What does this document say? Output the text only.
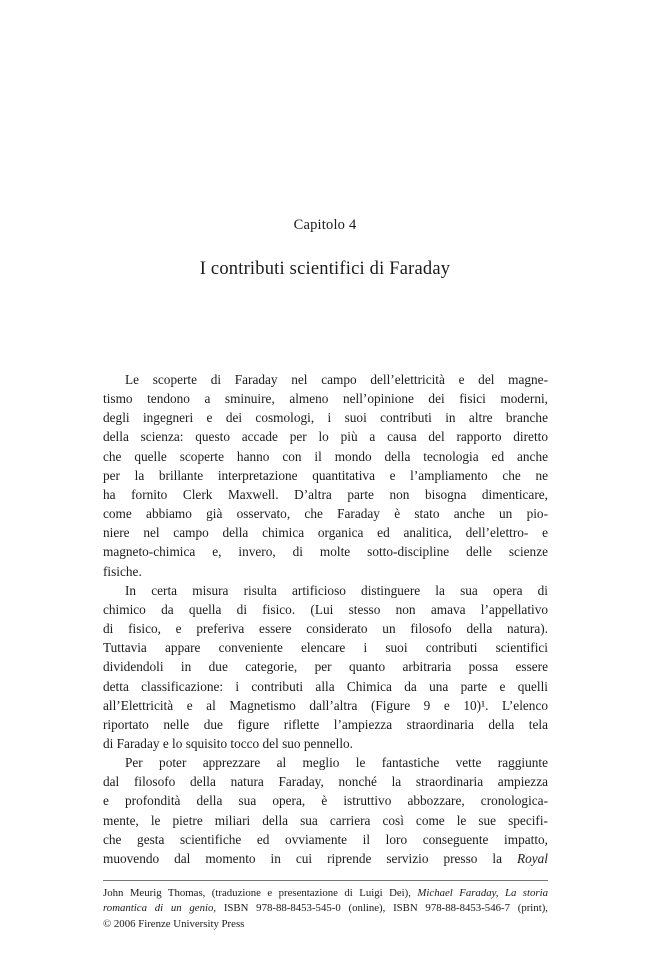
Capitolo 4
I contributi scientifici di Faraday
Le scoperte di Faraday nel campo dell’elettricità e del magne-
tismo tendono a sminuire, almeno nell’opinione dei fisici moderni,
degli ingegneri e dei cosmologi, i suoi contributi in altre branche
della scienza: questo accade per lo più a causa del rapporto diretto
che quelle scoperte hanno con il mondo della tecnologia ed anche
per la brillante interpretazione quantitativa e l’ampliamento che ne
ha fornito Clerk Maxwell. D’altra parte non bisogna dimenticare,
come abbiamo già osservato, che Faraday è stato anche un pio-
niere nel campo della chimica organica ed analitica, dell’elettro- e
magneto-chimica e, invero, di molte sotto-discipline delle scienze
fisiche.
In certa misura risulta artificioso distinguere la sua opera di
chimico da quella di fisico. (Lui stesso non amava l’appellativo
di fisico, e preferiva essere considerato un filosofo della natura).
Tuttavia appare conveniente elencare i suoi contributi scientifici
dividendoli in due categorie, per quanto arbitraria possa essere
detta classificazione: i contributi alla Chimica da una parte e quelli
all’Elettricità e al Magnetismo dall’altra (Figure 9 e 10)¹. L’elenco
riportato nelle due figure riflette l’ampiezza straordinaria della tela
di Faraday e lo squisito tocco del suo pennello.
Per poter apprezzare al meglio le fantastiche vette raggiunte
dal filosofo della natura Faraday, nonché la straordinaria ampiezza
e profondità della sua opera, è istruttivo abbozzare, cronologica-
mente, le pietre miliari della sua carriera così come le sue specifi-
che gesta scientifiche ed ovviamente il loro conseguente impatto,
muovendo dal momento in cui riprende servizio presso la Royal
John Meurig Thomas, (traduzione e presentazione di Luigi Dei), Michael Faraday, La storia
romantica di un genio, ISBN 978-88-8453-545-0 (online), ISBN 978-88-8453-546-7 (print),
© 2006 Firenze University Press
